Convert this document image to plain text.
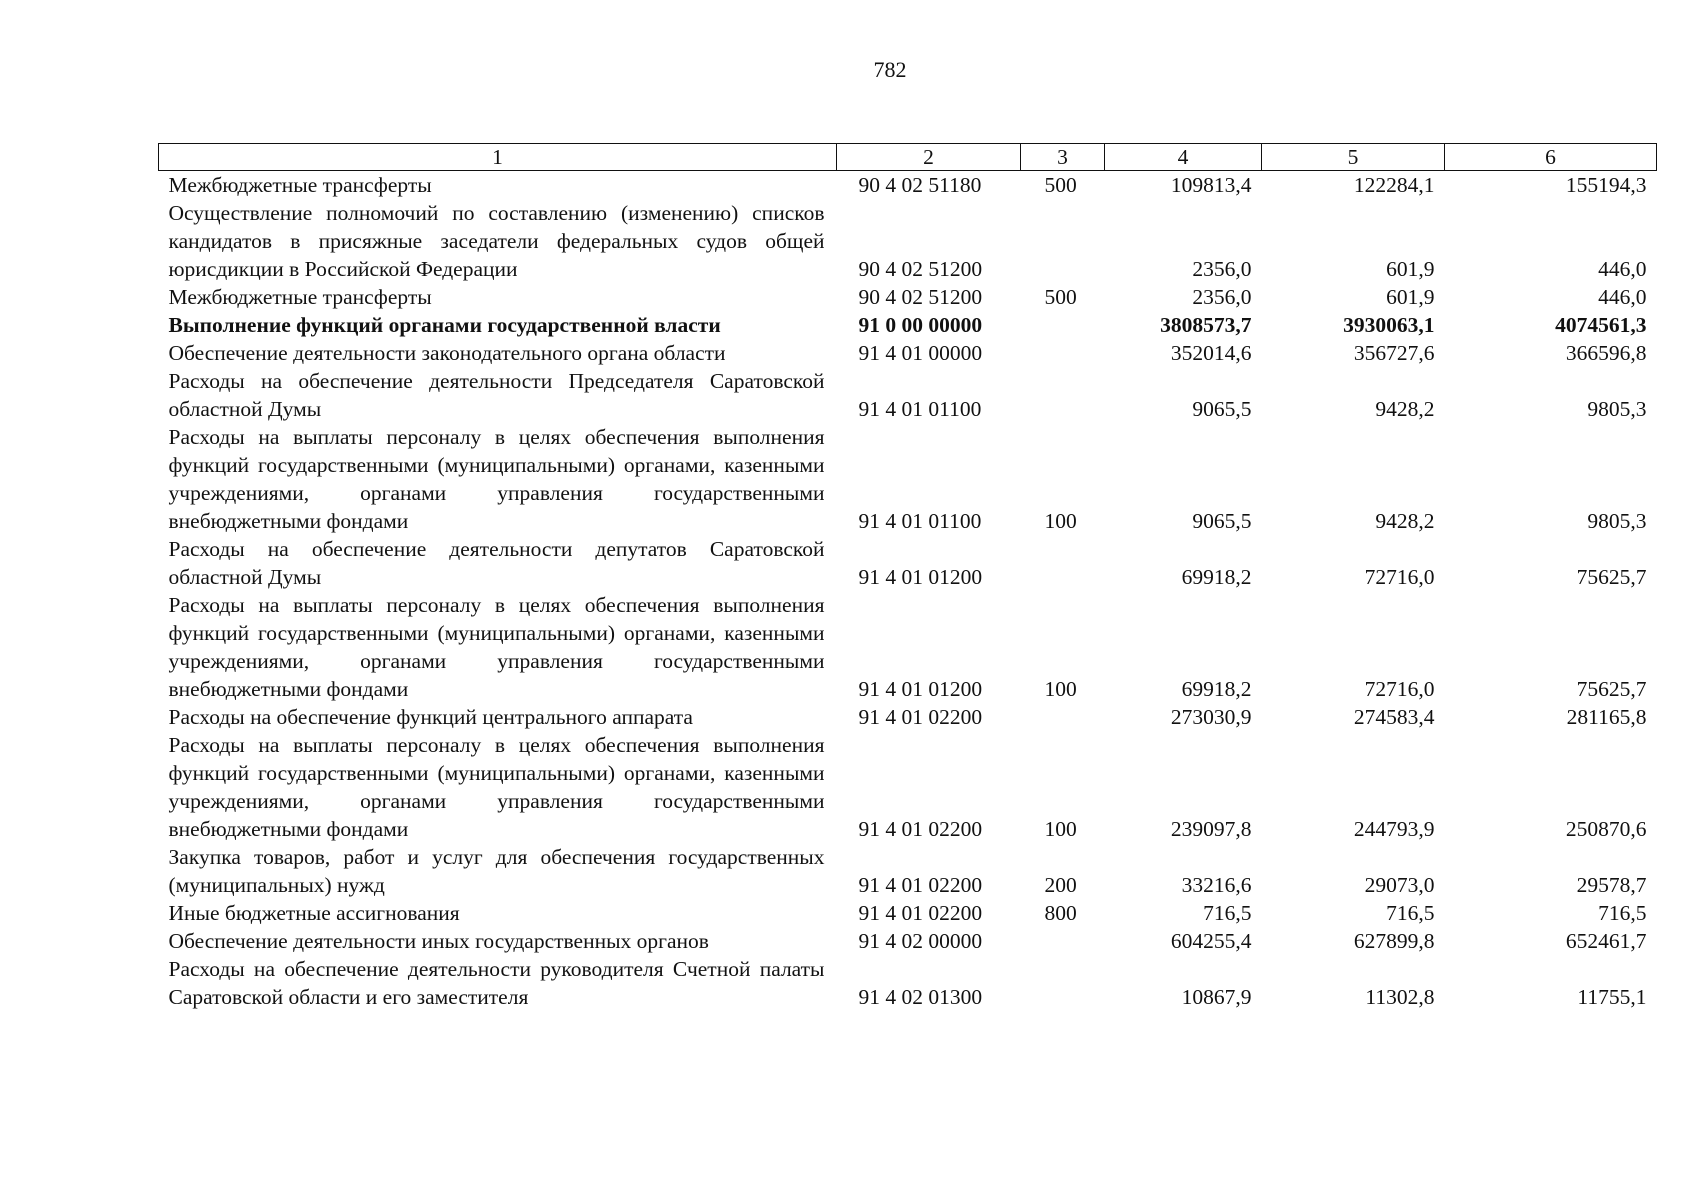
782
1	2	3	4	5	6
Межбюджетные трансферты	90 4 02 51180	500	109813,4	122284,1	155194,3
Осуществление полномочий по составлению (изменению) списков кандидатов в присяжные заседатели федеральных судов общей юрисдикции в Российской Федерации	90 4 02 51200		2356,0	601,9	446,0
Межбюджетные трансферты	90 4 02 51200	500	2356,0	601,9	446,0
Выполнение функций органами государственной власти	91 0 00 00000		3808573,7	3930063,1	4074561,3
Обеспечение деятельности законодательного органа области	91 4 01 00000		352014,6	356727,6	366596,8
Расходы на обеспечение деятельности Председателя Саратовской областной Думы	91 4 01 01100		9065,5	9428,2	9805,3
Расходы на выплаты персоналу в целях обеспечения выполнения функций государственными (муниципальными) органами, казенными учреждениями, органами управления государственными внебюджетными фондами	91 4 01 01100	100	9065,5	9428,2	9805,3
Расходы на обеспечение деятельности депутатов Саратовской областной Думы	91 4 01 01200		69918,2	72716,0	75625,7
Расходы на выплаты персоналу в целях обеспечения выполнения функций государственными (муниципальными) органами, казенными учреждениями, органами управления государственными внебюджетными фондами	91 4 01 01200	100	69918,2	72716,0	75625,7
Расходы на обеспечение функций центрального аппарата	91 4 01 02200		273030,9	274583,4	281165,8
Расходы на выплаты персоналу в целях обеспечения выполнения функций государственными (муниципальными) органами, казенными учреждениями, органами управления государственными внебюджетными фондами	91 4 01 02200	100	239097,8	244793,9	250870,6
Закупка товаров, работ и услуг для обеспечения государственных (муниципальных) нужд	91 4 01 02200	200	33216,6	29073,0	29578,7
Иные бюджетные ассигнования	91 4 01 02200	800	716,5	716,5	716,5
Обеспечение деятельности иных государственных органов	91 4 02 00000		604255,4	627899,8	652461,7
Расходы на обеспечение деятельности руководителя Счетной палаты Саратовской области и его заместителя	91 4 02 01300		10867,9	11302,8	11755,1
